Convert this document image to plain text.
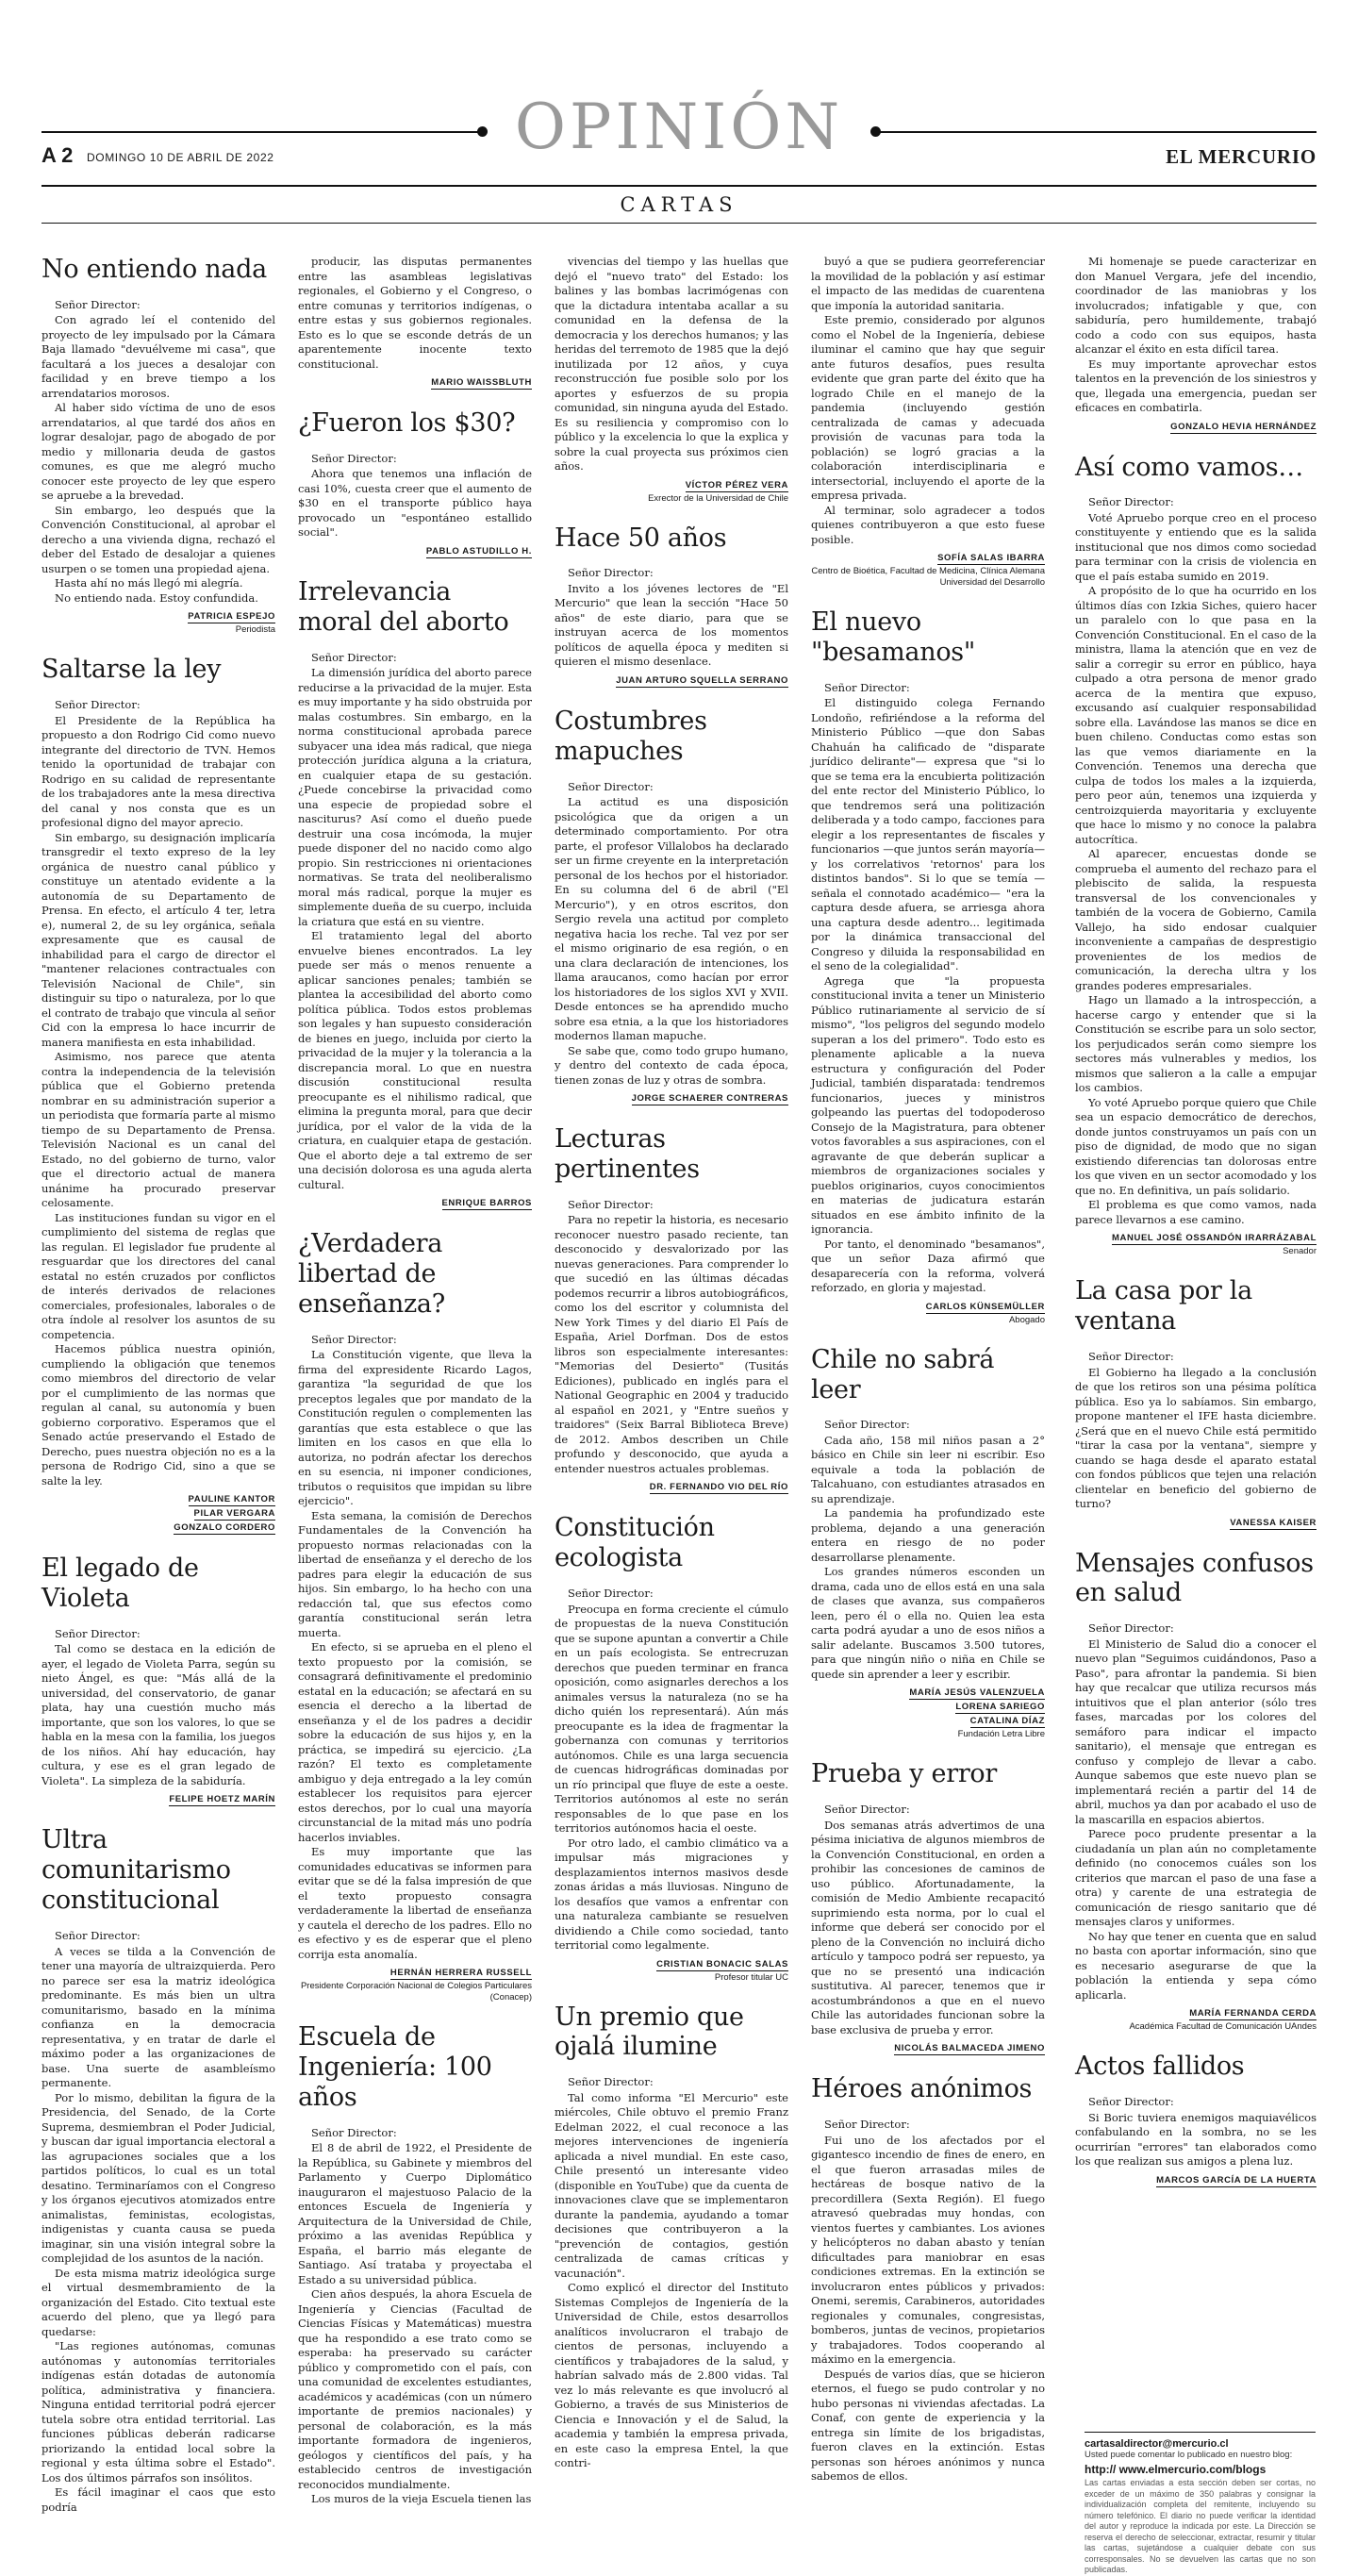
OPINIÓN
A 2 DOMINGO 10 DE ABRIL DE 2022	EL MERCURIO
CARTAS
No entiendo nada
Señor Director:

Con agrado leí el contenido del proyecto de ley impulsado por la Cámara Baja llamado "devuélveme mi casa", que facultará a los jueces a desalojar con facilidad y en breve tiempo a los arrendatarios morosos.

Al haber sido víctima de uno de esos arrendatarios, al que tardé dos años en lograr desalojar, pago de abogado de por medio y millonaria deuda de gastos comunes, es que me alegró mucho conocer este proyecto de ley que espero se apruebe a la brevedad.

Sin embargo, leo después que la Convención Constitucional, al aprobar el derecho a una vivienda digna, rechazó el deber del Estado de desalojar a quienes usurpen o se tomen una propiedad ajena.

Hasta ahí no más llegó mi alegría.

No entiendo nada. Estoy confundida.

PATRICIA ESPEJO
Periodista
Saltarse la ley
Señor Director:

El Presidente de la República ha propuesto a don Rodrigo Cid como nuevo integrante del directorio de TVN. Hemos tenido la oportunidad de trabajar con Rodrigo en su calidad de representante de los trabajadores ante la mesa directiva del canal y nos consta que es un profesional digno del mayor aprecio.

Sin embargo, su designación implicaría transgredir el texto expreso de la ley orgánica de nuestro canal público y constituye un atentado evidente a la autonomía de su Departamento de Prensa. En efecto, el artículo 4 ter, letra e), numeral 2, de su ley orgánica, señala expresamente que es causal de inhabilidad para el cargo de director el "mantener relaciones contractuales con Televisión Nacional de Chile", sin distinguir su tipo o naturaleza, por lo que el contrato de trabajo que vincula al señor Cid con la empresa lo hace incurrir de manera manifiesta en esta inhabilidad.

Asimismo, nos parece que atenta contra la independencia de la televisión pública que el Gobierno pretenda nombrar en su administración superior a un periodista que formaría parte al mismo tiempo de su Departamento de Prensa. Televisión Nacional es un canal del Estado, no del gobierno de turno, valor que el directorio actual de manera unánime ha procurado preservar celosamente.

Las instituciones fundan su vigor en el cumplimiento del sistema de reglas que las regulan. El legislador fue prudente al resguardar que los directores del canal estatal no estén cruzados por conflictos de interés derivados de relaciones comerciales, profesionales, laborales o de otra índole al resolver los asuntos de su competencia.

Hacemos pública nuestra opinión, cumpliendo la obligación que tenemos como miembros del directorio de velar por el cumplimiento de las normas que regulan al canal, su autonomía y buen gobierno corporativo. Esperamos que el Senado actúe preservando el Estado de Derecho, pues nuestra objeción no es a la persona de Rodrigo Cid, sino a que se salte la ley.

PAULINE KANTOR
PILAR VERGARA
GONZALO CORDERO
El legado de Violeta
Señor Director:

Tal como se destaca en la edición de ayer, el legado de Violeta Parra, según su nieto Ángel, es que: "Más allá de la universidad, del conservatorio, de ganar plata, hay una cuestión mucho más importante, que son los valores, lo que se habla en la mesa con la familia, los juegos de los niños. Ahí hay educación, hay cultura, y ese es el gran legado de Violeta". La simpleza de la sabiduría.

FELIPE HOETZ MARÍN
Ultra comunitarismo constitucional
Señor Director:

A veces se tilda a la Convención de tener una mayoría de ultraizquierda. Pero no parece ser esa la matriz ideológica predominante. Es más bien un ultra comunitarismo, basado en la mínima confianza en la democracia representativa, y en tratar de darle el máximo poder a las organizaciones de base. Una suerte de asambleísmo permanente.

Por lo mismo, debilitan la figura de la Presidencia, del Senado, de la Corte Suprema, desmiembran el Poder Judicial, y buscan dar igual importancia electoral a las agrupaciones sociales que a los partidos políticos, lo cual es un total desatino. Terminaríamos con el Congreso y los órganos ejecutivos atomizados entre animalistas, feministas, ecologistas, indigenistas y cuanta causa se pueda imaginar, sin una visión integral sobre la complejidad de los asuntos de la nación.

De esta misma matriz ideológica surge el virtual desmembramiento de la organización del Estado. Cito textual este acuerdo del pleno, que ya llegó para quedarse:

"Las regiones autónomas, comunas autónomas y autonomías territoriales indígenas están dotadas de autonomía política, administrativa y financiera. Ninguna entidad territorial podrá ejercer tutela sobre otra entidad territorial. Las funciones públicas deberán radicarse priorizando la entidad local sobre la regional y esta última sobre el Estado". Los dos últimos párrafos son insólitos.

Es fácil imaginar el caos que esto podría

producir, las disputas permanentes entre las asambleas legislativas regionales, el Gobierno y el Congreso, o entre comunas y territorios indígenas, o entre estas y sus gobiernos regionales. Esto es lo que se esconde detrás de un aparentemente inocente texto constitucional.

MARIO WAISSBLUTH
¿Fueron los $30?
Señor Director:

Ahora que tenemos una inflación de casi 10%, cuesta creer que el aumento de $30 en el transporte público haya provocado un "espontáneo estallido social".

PABLO ASTUDILLO H.
Irrelevancia moral del aborto
Señor Director:

La dimensión jurídica del aborto parece reducirse a la privacidad de la mujer. Esta es muy importante y ha sido obstruida por malas costumbres. Sin embargo, en la norma constitucional aprobada parece subyacer una idea más radical, que niega protección jurídica alguna a la criatura, en cualquier etapa de su gestación. ¿Puede concebirse la privacidad como una especie de propiedad sobre el nasciturus? Así como el dueño puede destruir una cosa incómoda, la mujer puede disponer del no nacido como algo propio. Sin restricciones ni orientaciones normativas. Se trata del neoliberalismo moral más radical, porque la mujer es simplemente dueña de su cuerpo, incluida la criatura que está en su vientre.

El tratamiento legal del aborto envuelve bienes encontrados. La ley puede ser más o menos renuente a aplicar sanciones penales; también se plantea la accesibilidad del aborto como política pública. Todos estos problemas son legales y han supuesto consideración de bienes en juego, incluida por cierto la privacidad de la mujer y la tolerancia a la discrepancia moral. Lo que en nuestra discusión constitucional resulta preocupante es el nihilismo radical, que elimina la pregunta moral, para que decir jurídica, por el valor de la vida de la criatura, en cualquier etapa de gestación. Que el aborto deje a tal extremo de ser una decisión dolorosa es una aguda alerta cultural.

ENRIQUE BARROS
¿Verdadera libertad de enseñanza?
Señor Director:

La Constitución vigente, que lleva la firma del expresidente Ricardo Lagos, garantiza "la seguridad de que los preceptos legales que por mandato de la Constitución regulen o complementen las garantías que esta establece o que las limiten en los casos en que ella lo autoriza, no podrán afectar los derechos en su esencia, ni imponer condiciones, tributos o requisitos que impidan su libre ejercicio".

Esta semana, la comisión de Derechos Fundamentales de la Convención ha propuesto normas relacionadas con la libertad de enseñanza y el derecho de los padres para elegir la educación de sus hijos. Sin embargo, lo ha hecho con una redacción tal, que sus efectos como garantía constitucional serán letra muerta.

En efecto, si se aprueba en el pleno el texto propuesto por la comisión, se consagrará definitivamente el predominio estatal en la educación; se afectará en su esencia el derecho a la libertad de enseñanza y el de los padres a decidir sobre la educación de sus hijos y, en la práctica, se impedirá su ejercicio. ¿La razón? El texto es completamente ambiguo y deja entregado a la ley común establecer los requisitos para ejercer estos derechos, por lo cual una mayoría circunstancial de la mitad más uno podría hacerlos inviables.

Es muy importante que las comunidades educativas se informen para evitar que se dé la falsa impresión de que el texto propuesto consagra verdaderamente la libertad de enseñanza y cautela el derecho de los padres. Ello no es efectivo y es de esperar que el pleno corrija esta anomalía.

HERNÁN HERRERA RUSSELL
Presidente Corporación Nacional de Colegios Particulares (Conacep)
Escuela de Ingeniería: 100 años
Señor Director:

El 8 de abril de 1922, el Presidente de la República, su Gabinete y miembros del Parlamento y Cuerpo Diplomático inauguraron el majestuoso Palacio de la entonces Escuela de Ingeniería y Arquitectura de la Universidad de Chile, próximo a las avenidas República y España, el barrio más elegante de Santiago. Así trataba y proyectaba el Estado a su universidad pública.

Cien años después, la ahora Escuela de Ingeniería y Ciencias (Facultad de Ciencias Físicas y Matemáticas) muestra que ha respondido a ese trato como se esperaba: ha preservado su carácter público y comprometido con el país, con una comunidad de excelentes estudiantes, académicos y académicas (con un número importante de premios nacionales) y personal de colaboración, es la más importante formadora de ingenieros, geólogos y científicos del país, y ha establecido centros de investigación reconocidos mundialmente.

Los muros de la vieja Escuela tienen las

vivencias del tiempo y las huellas que dejó el "nuevo trato" del Estado: los balines y las bombas lacrimógenas con que la dictadura intentaba acallar a su comunidad en la defensa de la democracia y los derechos humanos; y las heridas del terremoto de 1985 que la dejó inutilizada por 12 años, y cuya reconstrucción fue posible solo por los aportes y esfuerzos de su propia comunidad, sin ninguna ayuda del Estado. Es su resiliencia y compromiso con lo público y la excelencia lo que la explica y sobre la cual proyecta sus próximos cien años.

VÍCTOR PÉREZ VERA
Exrector de la Universidad de Chile
Hace 50 años
Señor Director:

Invito a los jóvenes lectores de "El Mercurio" que lean la sección "Hace 50 años" de este diario, para que se instruyan acerca de los momentos políticos de aquella época y mediten si quieren el mismo desenlace.

JUAN ARTURO SQUELLA SERRANO
Costumbres mapuches
Señor Director:

La actitud es una disposición psicológica que da origen a un determinado comportamiento. Por otra parte, el profesor Villalobos ha declarado ser un firme creyente en la interpretación personal de los hechos por el historiador. En su columna del 6 de abril ("El Mercurio"), y en otros escritos, don Sergio revela una actitud por completo negativa hacia los reche. Tal vez por ser el mismo originario de esa región, o en una clara declaración de intenciones, los llama araucanos, como hacían por error los historiadores de los siglos XVI y XVII. Desde entonces se ha aprendido mucho sobre esa etnia, a la que los historiadores modernos llaman mapuche.

Se sabe que, como todo grupo humano, y dentro del contexto de cada época, tienen zonas de luz y otras de sombra.

JORGE SCHAERER CONTRERAS
Lecturas pertinentes
Señor Director:

Para no repetir la historia, es necesario reconocer nuestro pasado reciente, tan desconocido y desvalorizado por las nuevas generaciones. Para comprender lo que sucedió en las últimas décadas podemos recurrir a libros autobiográficos, como los del escritor y columnista del New York Times y del diario El País de España, Ariel Dorfman. Dos de estos libros son especialmente interesantes: "Memorias del Desierto" (Tusitás Ediciones), publicado en inglés para el National Geographic en 2004 y traducido al español en 2021, y "Entre sueños y traidores" (Seix Barral Biblioteca Breve) de 2012. Ambos describen un Chile profundo y desconocido, que ayuda a entender nuestros actuales problemas.

DR. FERNANDO VIO DEL RÍO
Constitución ecologista
Señor Director:

Preocupa en forma creciente el cúmulo de propuestas de la nueva Constitución que se supone apuntan a convertir a Chile en un país ecologista. Se entrecruzan derechos que pueden terminar en franca oposición, como asignarles derechos a los animales versus la naturaleza (no se ha dicho quién los representará). Aún más preocupante es la idea de fragmentar la gobernanza con comunas y territorios autónomos. Chile es una larga secuencia de cuencas hidrográficas dominadas por un río principal que fluye de este a oeste. Territorios autónomos al este no serán responsables de lo que pase en los territorios autónomos hacia el oeste.

Por otro lado, el cambio climático va a impulsar más migraciones y desplazamientos internos masivos desde zonas áridas a más lluviosas. Ninguno de los desafíos que vamos a enfrentar con una naturaleza cambiante se resuelven dividiendo a Chile como sociedad, tanto territorial como legalmente.

CRISTIAN BONACIC SALAS
Profesor titular UC
Un premio que ojalá ilumine
Señor Director:

Tal como informa "El Mercurio" este miércoles, Chile obtuvo el premio Franz Edelman 2022, el cual reconoce a las mejores intervenciones de ingeniería aplicada a nivel mundial. En este caso, Chile presentó un interesante video (disponible en YouTube) que da cuenta de innovaciones clave que se implementaron durante la pandemia, ayudando a tomar decisiones que contribuyeron a la "prevención de contagios, gestión centralizada de camas críticas y vacunación".

Como explicó el director del Instituto Sistemas Complejos de Ingeniería de la Universidad de Chile, estos desarrollos analíticos involucraron el trabajo de cientos de personas, incluyendo a científicos y trabajadores de la salud, y habrían salvado más de 2.800 vidas. Tal vez lo más relevante es que involucró al Gobierno, a través de sus Ministerios de Ciencia e Innovación y el de Salud, la academia y también la empresa privada, en este caso la empresa Entel, la que contri-

buyó a que se pudiera georreferenciar la movilidad de la población y así estimar el impacto de las medidas de cuarentena que imponía la autoridad sanitaria.

Este premio, considerado por algunos como el Nobel de la Ingeniería, debiese iluminar el camino que hay que seguir ante futuros desafíos, pues resulta evidente que gran parte del éxito que ha logrado Chile en el manejo de la pandemia (incluyendo gestión centralizada de camas y adecuada provisión de vacunas para toda la población) se logró gracias a la colaboración interdisciplinaria e intersectorial, incluyendo el aporte de la empresa privada.

Al terminar, solo agradecer a todos quienes contribuyeron a que esto fuese posible.

SOFÍA SALAS IBARRA
Centro de Bioética, Facultad de Medicina, Clínica Alemana Universidad del Desarrollo
El nuevo "besamanos"
Señor Director:

El distinguido colega Fernando Londoño, refiriéndose a la reforma del Ministerio Público —que don Sabas Chahuán ha calificado de "disparate jurídico delirante"— expresa que "si lo que se tema era la encubierta politización del ente rector del Ministerio Público, lo que tendremos será una politización deliberada y a todo campo, facciones para elegir a los representantes de fiscales y funcionarios —que juntos serán mayoría— y los correlativos 'retornos' para los distintos bandos". Si lo que se temía —señala el connotado académico— "era la captura desde afuera, se arriesga ahora una captura desde adentro... legitimada por la dinámica transaccional del Congreso y diluida la responsabilidad en el seno de la colegialidad".

Agrega que "la propuesta constitucional invita a tener un Ministerio Público rutinariamente al servicio de sí mismo", "los peligros del segundo modelo superan a los del primero". Todo esto es plenamente aplicable a la nueva estructura y configuración del Poder Judicial, también disparatada: tendremos funcionarios, jueces y ministros golpeando las puertas del todopoderoso Consejo de la Magistratura, para obtener votos favorables a sus aspiraciones, con el agravante de que deberán suplicar a miembros de organizaciones sociales y pueblos originarios, cuyos conocimientos en materias de judicatura estarán situados en ese ámbito infinito de la ignorancia.

Por tanto, el denominado "besamanos", que un señor Daza afirmó que desaparecería con la reforma, volverá reforzado, en gloria y majestad.

CARLOS KÜNSEMÜLLER
Abogado
Chile no sabrá leer
Señor Director:

Cada año, 158 mil niños pasan a 2° básico en Chile sin leer ni escribir. Eso equivale a toda la población de Talcahuano, con estudiantes atrasados en su aprendizaje.

La pandemia ha profundizado este problema, dejando a una generación entera en riesgo de no poder desarrollarse plenamente.

Los grandes números esconden un drama, cada uno de ellos está en una sala de clases que avanza, sus compañeros leen, pero él o ella no. Quien lea esta carta podrá ayudar a uno de esos niños a salir adelante. Buscamos 3.500 tutores, para que ningún niño o niña en Chile se quede sin aprender a leer y escribir.

MARÍA JESÚS VALENZUELA
LORENA SARIEGO
CATALINA DÍAZ
Fundación Letra Libre
Prueba y error
Señor Director:

Dos semanas atrás advertimos de una pésima iniciativa de algunos miembros de la Convención Constitucional, en orden a prohibir las concesiones de caminos de uso público. Afortunadamente, la comisión de Medio Ambiente recapacitó suprimiendo esta norma, por lo cual el informe que deberá ser conocido por el pleno de la Convención no incluirá dicho artículo y tampoco podrá ser repuesto, ya que no se presentó una indicación sustitutiva. Al parecer, tenemos que ir acostumbrándonos a que en el nuevo Chile las autoridades funcionan sobre la base exclusiva de prueba y error.

NICOLÁS BALMACEDA JIMENO
Héroes anónimos
Señor Director:

Fui uno de los afectados por el gigantesco incendio de fines de enero, en el que fueron arrasadas miles de hectáreas de bosque nativo de la precordillera (Sexta Región). El fuego atravesó quebradas muy hondas, con vientos fuertes y cambiantes. Los aviones y helicópteros no daban abasto y tenían dificultades para maniobrar en esas condiciones extremas. En la extinción se involucraron entes públicos y privados: Onemi, seremis, Carabineros, autoridades regionales y comunales, congresistas, bomberos, juntas de vecinos, propietarios y trabajadores. Todos cooperando al máximo en la emergencia.

Después de varios días, que se hicieron eternos, el fuego se pudo controlar y no hubo personas ni viviendas afectadas. La Conaf, con gente de experiencia y la entrega sin límite de los brigadistas, fueron claves en la extinción. Estas personas son héroes anónimos y nunca sabemos de ellos.

Mi homenaje se puede caracterizar en don Manuel Vergara, jefe del incendio, coordinador de las maniobras y los involucrados; infatigable y que, con sabiduría, pero humildemente, trabajó codo a codo con sus equipos, hasta alcanzar el éxito en esta difícil tarea.

Es muy importante aprovechar estos talentos en la prevención de los siniestros y que, llegada una emergencia, puedan ser eficaces en combatirla.

GONZALO HEVIA HERNÁNDEZ
Así como vamos…
Señor Director:

Voté Apruebo porque creo en el proceso constituyente y entiendo que es la salida institucional que nos dimos como sociedad para terminar con la crisis de violencia en que el país estaba sumido en 2019.

A propósito de lo que ha ocurrido en los últimos días con Izkia Siches, quiero hacer un paralelo con lo que pasa en la Convención Constitucional. En el caso de la ministra, llama la atención que en vez de salir a corregir su error en público, haya culpado a otra persona de menor grado acerca de la mentira que expuso, excusando así cualquier responsabilidad sobre ella. Lavándose las manos se dice en buen chileno. Conductas como estas son las que vemos diariamente en la Convención. Tenemos una derecha que culpa de todos los males a la izquierda, pero peor aún, tenemos una izquierda y centroizquierda mayoritaria y excluyente que hace lo mismo y no conoce la palabra autocrítica.

Al aparecer, encuestas donde se comprueba el aumento del rechazo para el plebiscito de salida, la respuesta transversal de los convencionales y también de la vocera de Gobierno, Camila Vallejo, ha sido endosar cualquier inconveniente a campañas de desprestigio provenientes de los medios de comunicación, la derecha ultra y los grandes poderes empresariales.

Hago un llamado a la introspección, a hacerse cargo y entender que si la Constitución se escribe para un solo sector, los perjudicados serán como siempre los sectores más vulnerables y medios, los mismos que salieron a la calle a empujar los cambios.

Yo voté Apruebo porque quiero que Chile sea un espacio democrático de derechos, donde juntos construyamos un país con un piso de dignidad, de modo que no sigan existiendo diferencias tan dolorosas entre los que viven en un sector acomodado y los que no. En definitiva, un país solidario.

El problema es que como vamos, nada parece llevarnos a ese camino.

MANUEL JOSÉ OSSANDÓN IRARRÁZABAL
Senador
La casa por la ventana
Señor Director:

El Gobierno ha llegado a la conclusión de que los retiros son una pésima política pública. Eso ya lo sabíamos. Sin embargo, propone mantener el IFE hasta diciembre. ¿Será que en el nuevo Chile está permitido "tirar la casa por la ventana", siempre y cuando se haga desde el aparato estatal con fondos públicos que tejen una relación clientelar en beneficio del gobierno de turno?

VANESSA KAISER
Mensajes confusos en salud
Señor Director:

El Ministerio de Salud dio a conocer el nuevo plan "Seguimos cuidándonos, Paso a Paso", para afrontar la pandemia. Si bien hay que recalcar que utiliza recursos más intuitivos que el plan anterior (sólo tres fases, marcadas por los colores del semáforo para indicar el impacto sanitario), el mensaje que entregan es confuso y complejo de llevar a cabo. Aunque sabemos que este nuevo plan se implementará recién a partir del 14 de abril, muchos ya dan por acabado el uso de la mascarilla en espacios abiertos.

Parece poco prudente presentar a la ciudadanía un plan aún no completamente definido (no conocemos cuáles son los criterios que marcan el paso de una fase a otra) y carente de una estrategia de comunicación de riesgo sanitario que dé mensajes claros y uniformes.

No hay que tener en cuenta que en salud no basta con aportar información, sino que es necesario asegurarse de que la población la entienda y sepa cómo aplicarla.

MARÍA FERNANDA CERDA
Académica Facultad de Comunicación UAndes
Actos fallidos
Señor Director:

Si Boric tuviera enemigos maquiavélicos confabulando en la sombra, no se les ocurrirían "errores" tan elaborados como los que realizan sus amigos a plena luz.

MARCOS GARCÍA DE LA HUERTA
cartasaldirector@mercurio.cl
Usted puede comentar lo publicado en nuestro blog:
http:// www.elmercurio.com/blogs
Las cartas enviadas a esta sección deben ser cortas, no exceder de un máximo de 350 palabras y consignar la individualización completa del remitente, incluyendo su número telefónico. El diario no puede verificar la identidad del autor y reproduce la indicada por este. La Dirección se reserva el derecho de seleccionar, extractar, resumir y titular las cartas, sujetándose a cualquier debate con sus corresponsales. No se devuelven las cartas que no son publicadas.
